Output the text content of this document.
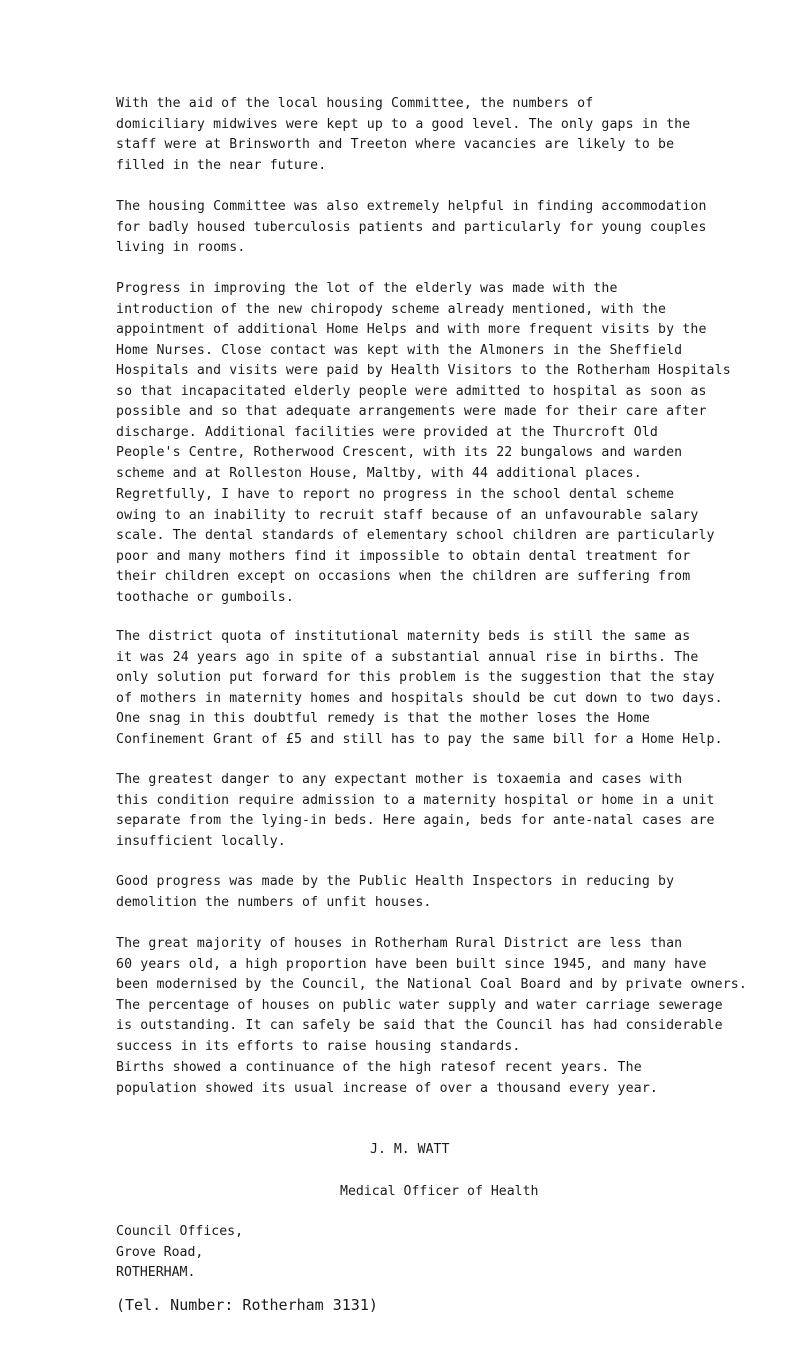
With the aid of the local housing Committee, the numbers of
domiciliary midwives were kept up to a good level. The only gaps in the
staff were at Brinsworth and Treeton where vacancies are likely to be
filled in the near future.

The housing Committee was also extremely helpful in finding accommodation
for badly housed tuberculosis patients and particularly for young couples
living in rooms.

Progress in improving the lot of the elderly was made with the
introduction of the new chiropody scheme already mentioned, with the
appointment of additional Home Helps and with more frequent visits by the
Home Nurses. Close contact was kept with the Almoners in the Sheffield
Hospitals and visits were paid by Health Visitors to the Rotherham Hospitals
so that incapacitated elderly people were admitted to hospital as soon as
possible and so that adequate arrangements were made for their care after
discharge. Additional facilities were provided at the Thurcroft Old
People's Centre, Rotherwood Crescent, with its 22 bungalows and warden
scheme and at Rolleston House, Maltby, with 44 additional places.

Regretfully, I have to report no progress in the school dental scheme
owing to an inability to recruit staff because of an unfavourable salary
scale. The dental standards of elementary school children are particularly
poor and many mothers find it impossible to obtain dental treatment for
their children except on occasions when the children are suffering from
toothache or gumboils.

The district quota of institutional maternity beds is still the same as
it was 24 years ago in spite of a substantial annual rise in births. The
only solution put forward for this problem is the suggestion that the stay
of mothers in maternity homes and hospitals should be cut down to two days.
One snag in this doubtful remedy is that the mother loses the Home
Confinement Grant of £5 and still has to pay the same bill for a Home Help.

The greatest danger to any expectant mother is toxaemia and cases with
this condition require admission to a maternity hospital or home in a unit
separate from the lying-in beds. Here again, beds for ante-natal cases are
insufficient locally.

Good progress was made by the Public Health Inspectors in reducing by
demolition the numbers of unfit houses.

The great majority of houses in Rotherham Rural District are less than
60 years old, a high proportion have been built since 1945, and many have
been modernised by the Council, the National Coal Board and by private owners.
The percentage of houses on public water supply and water carriage sewerage
is outstanding. It can safely be said that the Council has had considerable
success in its efforts to raise housing standards.

Births showed a continuance of the high ratesof recent years. The
population showed its usual increase of over a thousand every year.

J. M. WATT

Medical Officer of Health

Council Offices,
Grove Road,
ROTHERHAM.

(Tel. Number: Rotherham 3131)
